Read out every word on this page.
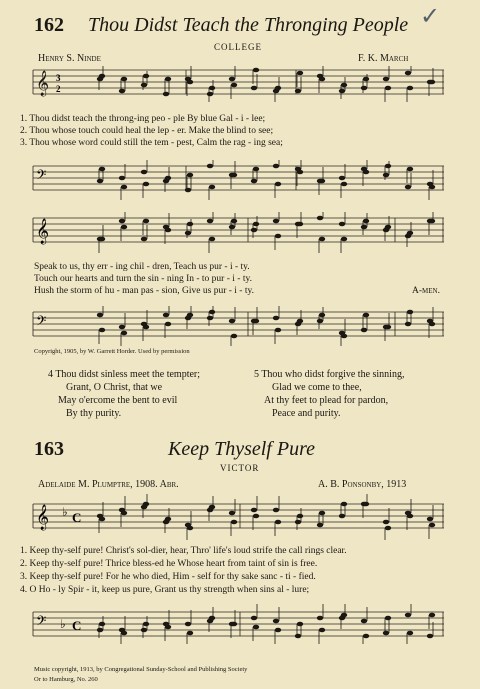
162 Thou Didst Teach the Thronging People ✓
COLLEGE
Henry S. Ninde	F. K. March
𝄞 3
2
1. Thou didst teach the throng-ing peo - ple By blue Gal - i - lee;
2. Thou whose touch could heal the lep - er. Make the blind to see;
3. Thou whose word could still the tem - pest, Calm the rag - ing sea;
𝄢
𝄞
Speak to us, thy err - ing chil - dren, Teach us pur - i - ty.
Touch our hearts and turn the sin - ning In - to pur - i - ty.
Hush the storm of hu - man pas - sion, Give us pur - i - ty.	A-men.
𝄢
Copyright, 1905, by W. Garrett Horder. Used by permission
4 Thou didst sinless meet the tempter;
Grant, O Christ, that we
May o'ercome the bent to evil
By thy purity.
5 Thou who didst forgive the sinning,
Glad we come to thee,
At thy feet to plead for pardon,
Peace and purity.
163	Keep Thyself Pure
VICTOR
Adelaide M. Plumptre, 1908. Abr.	A. B. Ponsonby, 1913
𝄞 ♭ C
1. Keep thy-self pure! Christ's sol-dier, hear, Thro' life's loud strife the call rings clear.
2. Keep thy-self pure! Thrice bless-ed he Whose heart from taint of sin is free.
3. Keep thy-self pure! For he who died, Him - self for thy sake sanc - ti - fied.
4. O Ho - ly Spir - it, keep us pure, Grant us thy strength when sins al - lure;
𝄢 ♭ C
Music copyright, 1913, by Congregational Sunday-School and Publishing Society
Or to Hamburg, No. 260
